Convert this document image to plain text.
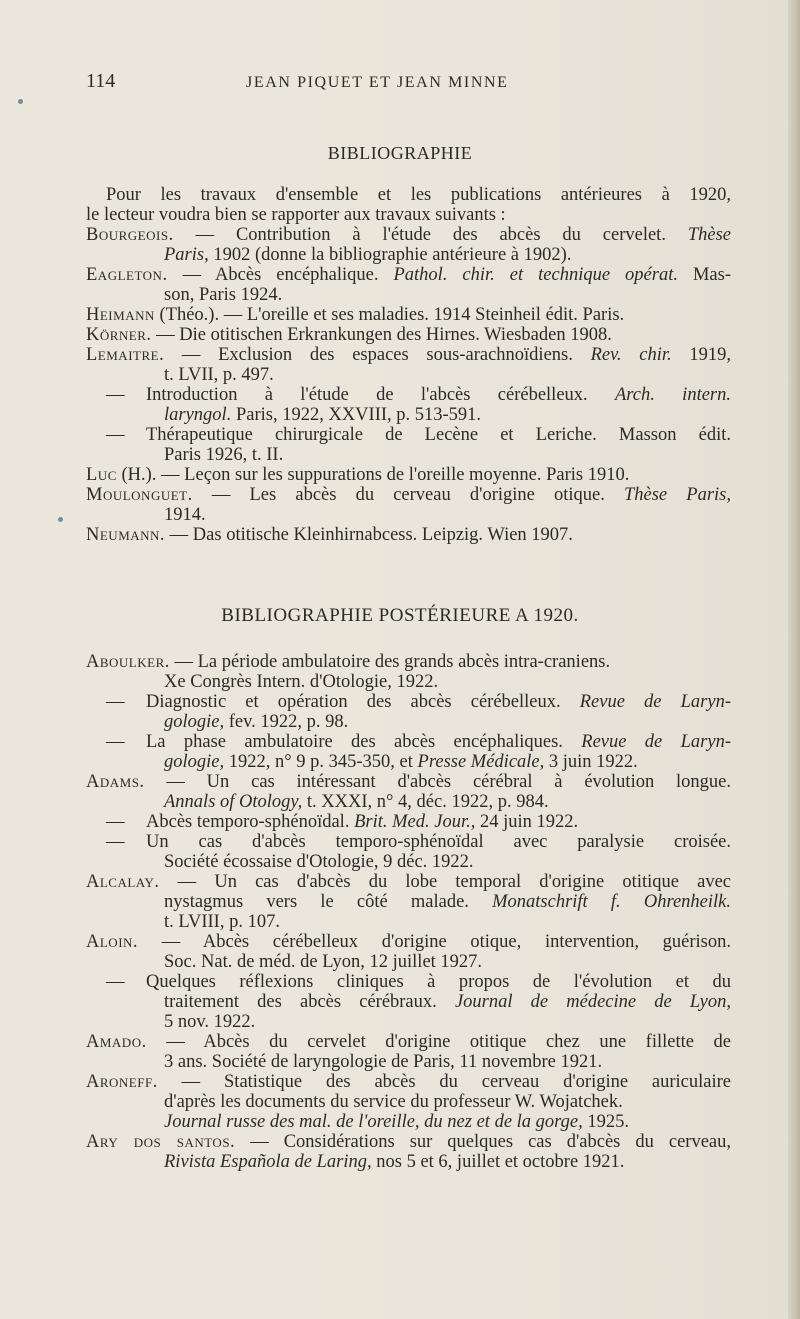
114	JEAN PIQUET ET JEAN MINNE
BIBLIOGRAPHIE
Pour les travaux d'ensemble et les publications antérieures à 1920,
le lecteur voudra bien se rapporter aux travaux suivants :
Bourgeois. — Contribution à l'étude des abcès du cervelet. Thèse
Paris, 1902 (donne la bibliographie antérieure à 1902).
Eagleton. — Abcès encéphalique. Pathol. chir. et technique opérat. Mas-
son, Paris 1924.
Heimann (Théo.). — L'oreille et ses maladies. 1914 Steinheil édit. Paris.
Körner. — Die otitischen Erkrankungen des Hirnes. Wiesbaden 1908.
Lemaitre. — Exclusion des espaces sous-arachnoïdiens. Rev. chir. 1919,
t. LVII, p. 497.
— Introduction à l'étude de l'abcès cérébelleux. Arch. intern.
laryngol. Paris, 1922, XXVIII, p. 513-591.
— Thérapeutique chirurgicale de Lecène et Leriche. Masson édit.
Paris 1926, t. II.
Luc (H.). — Leçon sur les suppurations de l'oreille moyenne. Paris 1910.
Moulonguet. — Les abcès du cerveau d'origine otique. Thèse Paris,
1914.
Neumann. — Das otitische Kleinhirnabcess. Leipzig. Wien 1907.
BIBLIOGRAPHIE POSTÉRIEURE A 1920.
Aboulker. — La période ambulatoire des grands abcès intra-craniens.
Xe Congrès Intern. d'Otologie, 1922.
— Diagnostic et opération des abcès cérébelleux. Revue de Laryn-
gologie, fev. 1922, p. 98.
— La phase ambulatoire des abcès encéphaliques. Revue de Laryn-
gologie, 1922, n° 9 p. 345-350, et Presse Médicale, 3 juin 1922.
Adams. — Un cas intéressant d'abcès cérébral à évolution longue.
Annals of Otology, t. XXXI, n° 4, déc. 1922, p. 984.
— Abcès temporo-sphénoïdal. Brit. Med. Jour., 24 juin 1922.
— Un cas d'abcès temporo-sphénoïdal avec paralysie croisée.
Société écossaise d'Otologie, 9 déc. 1922.
Alcalay. — Un cas d'abcès du lobe temporal d'origine otitique avec
nystagmus vers le côté malade. Monatschrift f. Ohrenheilk.
t. LVIII, p. 107.
Aloin. — Abcès cérébelleux d'origine otique, intervention, guérison.
Soc. Nat. de méd. de Lyon, 12 juillet 1927.
— Quelques réflexions cliniques à propos de l'évolution et du
traitement des abcès cérébraux. Journal de médecine de Lyon,
5 nov. 1922.
Amado. — Abcès du cervelet d'origine otitique chez une fillette de
3 ans. Société de laryngologie de Paris, 11 novembre 1921.
Aroneff. — Statistique des abcès du cerveau d'origine auriculaire
d'après les documents du service du professeur W. Wojatchek.
Journal russe des mal. de l'oreille, du nez et de la gorge, 1925.
Ary dos santos. — Considérations sur quelques cas d'abcès du cerveau,
Rivista Española de Laring, nos 5 et 6, juillet et octobre 1921.
